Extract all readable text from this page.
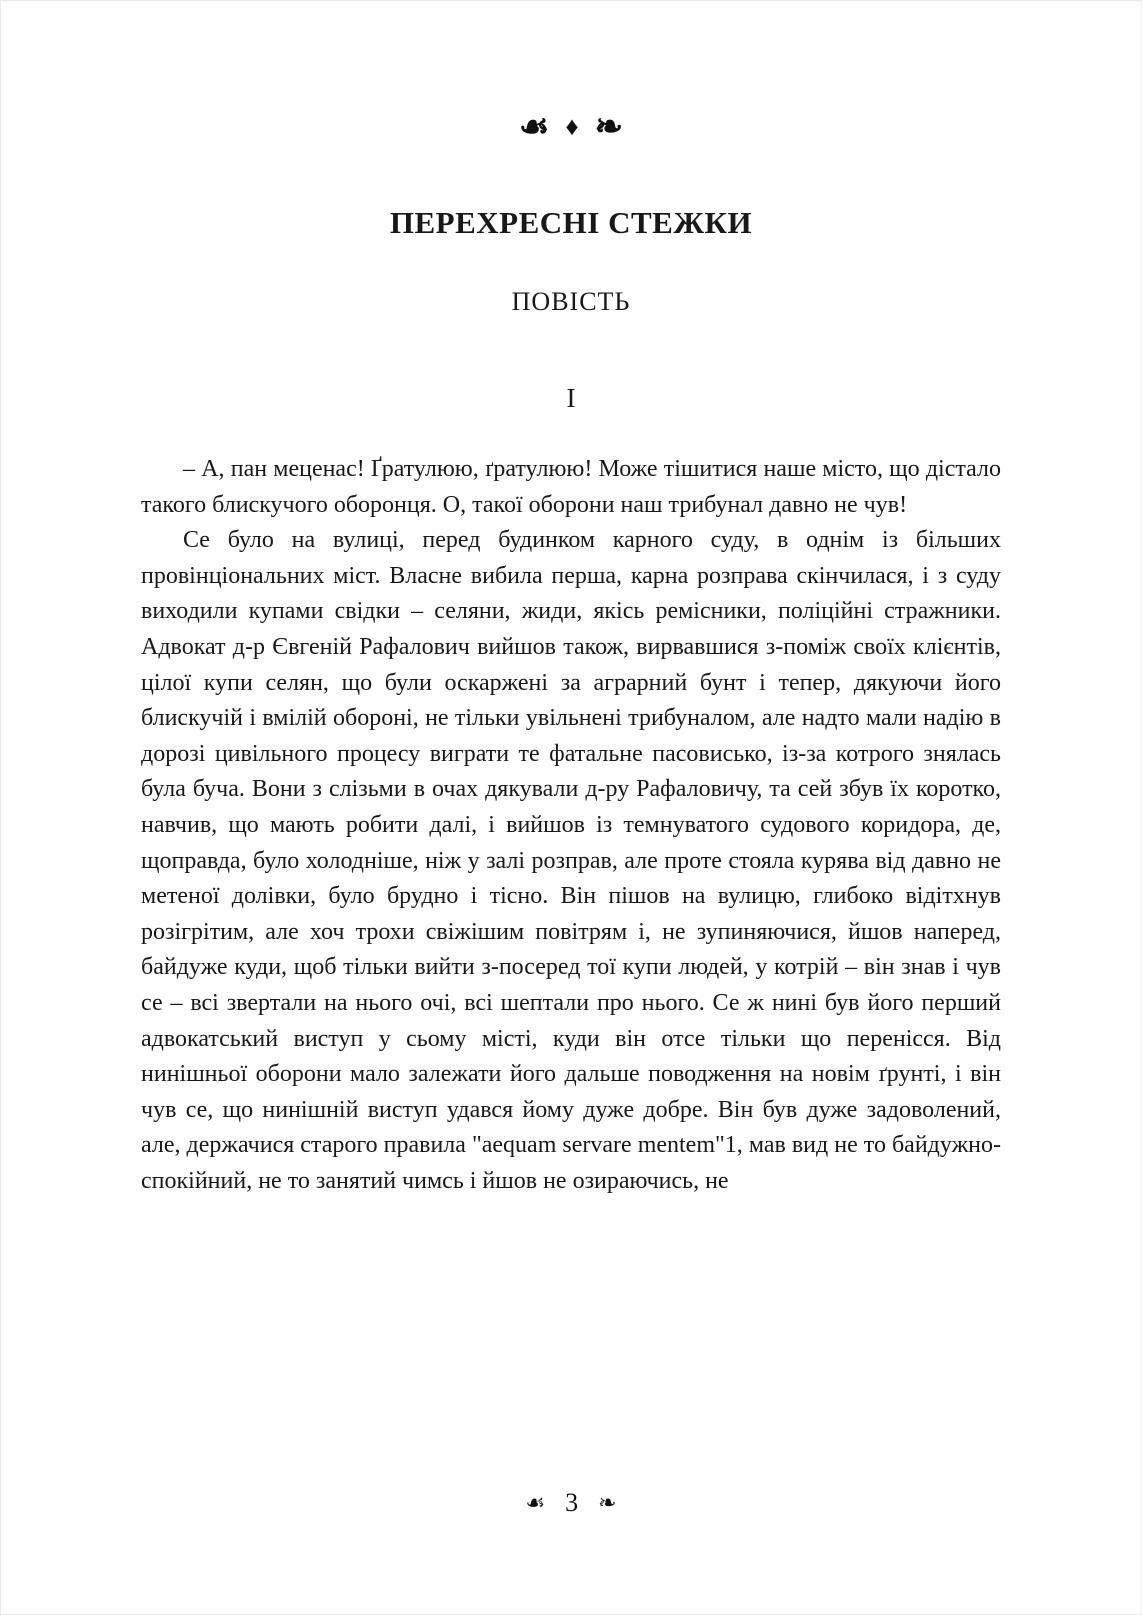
☙ ♦ ❧
ПЕРЕХРЕСНІ СТЕЖКИ
ПОВІСТЬ
I

– А, пан меценас! Ґратулюю, ґратулюю! Може тішитися наше місто, що дістало такого блискучого оборонця. О, такої оборони наш трибунал давно не чув!

Се було на вулиці, перед будинком карного суду, в однім із більших провінціональних міст. Власне вибила перша, карна розправа скінчилася, і з суду виходили купами свідки – селяни, жиди, якісь ремісники, поліційні стражники. Адвокат д-р Євгеній Рафалович вийшов також, вирвавшися з-поміж своїх клієнтів, цілої купи селян, що були оскаржені за аграрний бунт і тепер, дякуючи його блискучій і вмілій обороні, не тільки увільнені трибуналом, але надто мали надію в дорозі цивільного процесу виграти те фатальне пасовисько, із-за котрого знялась була буча. Вони з слізьми в очах дякували д-ру Рафаловичу, та сей збув їх коротко, навчив, що мають робити далі, і вийшов із темнуватого судового коридора, де, щоправда, було холодніше, ніж у залі розправ, але проте стояла курява від давно не метеної долівки, було брудно і тісно. Він пішов на вулицю, глибоко відітхнув розігрітим, але хоч трохи свіжішим повітрям і, не зупиняючися, йшов наперед, байдуже куди, щоб тільки вийти з-посеред тої купи людей, у котрій – він знав і чув се – всі звертали на нього очі, всі шептали про нього. Се ж нині був його перший адвокатський виступ у сьому місті, куди він отсе тільки що перенісся. Від нинішньої оборони мало залежати його дальше поводження на новім ґрунті, і він чув се, що нинішній виступ удався йому дуже добре. Він був дуже задоволений, але, держачися старого правила "aequam servare mentem"1, мав вид не то байдужно-спокійний, не то занятий чимсь і йшов не озираючись, не

☙ 3 ❧
